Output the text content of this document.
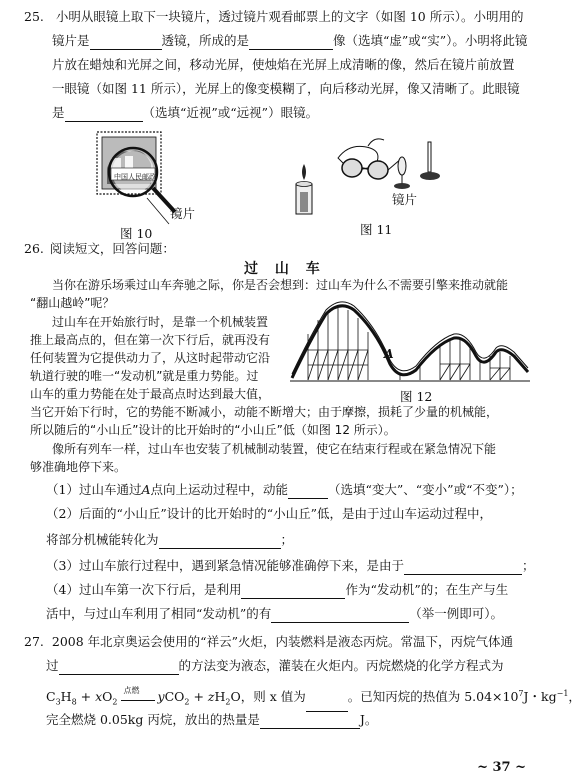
25. 小明从眼镜上取下一块镜片，透过镜片观看邮票上的文字（如图 10 所示）。小明用的
镜片是	透镜，所成的是	像（选填“虚”或“实”）。小明将此镜
片放在蜡烛和光屏之间，移动光屏，使烛焰在光屏上成清晰的像，然后在镜片前放置
一眼镜（如图 11 所示），光屏上的像变模糊了，向后移动光屏，像又清晰了。此眼镜
是	（选填“近视”或“远视”）眼镜。
中国人民邮政
镜片
图 10
镜片
图 11
26. 阅读短文，回答问题：
过 山 车
当你在游乐场乘过山车奔驰之际，你是否会想到：过山车为什么不需要引擎来推动就能
“翻山越岭”呢？
过山车在开始旅行时，是靠一个机械装置
推上最高点的，但在第一次下行后，就再没有
任何装置为它提供动力了，从这时起带动它沿
轨道行驶的唯一“发动机”就是重力势能。过
山车的重力势能在处于最高点时达到最大值，
当它开始下行时，它的势能不断减小，动能不断增大；由于摩擦，损耗了少量的机械能，
所以随后的“小山丘”设计的比开始时的“小山丘”低（如图 12 所示）。
像所有列车一样，过山车也安装了机械制动装置，使它在结束行程或在紧急情况下能
够准确地停下来。
A
图 12
（1）过山车通过A点向上运动过程中，动能	（选填“变大”、“变小”或“不变”）；
（2）后面的“小山丘”设计的比开始时的“小山丘”低，是由于过山车运动过程中，
将部分机械能转化为	；
（3）过山车旅行过程中，遇到紧急情况能够准确停下来，是由于	；
（4）过山车第一次下行后，是利用	作为“发动机”的；在生产与生
活中，与过山车利用了相同“发动机”的有	（举一例即可）。
27. 2008 年北京奥运会使用的“祥云”火炬，内装燃料是液态丙烷。常温下，丙烷气体通
过	的方法变为液态，灌装在火炬内。丙烷燃烧的化学方程式为
$C_3H_8 + xO_2$
点燃 $yCO_2 + zH_2O$，则 x 值为	。已知丙烷的热值为 $5.04\times 10^7J$・$kg^{-1}$，
完全燃烧 0.05kg 丙烷，放出的热量是	J。
~ 37 ~
